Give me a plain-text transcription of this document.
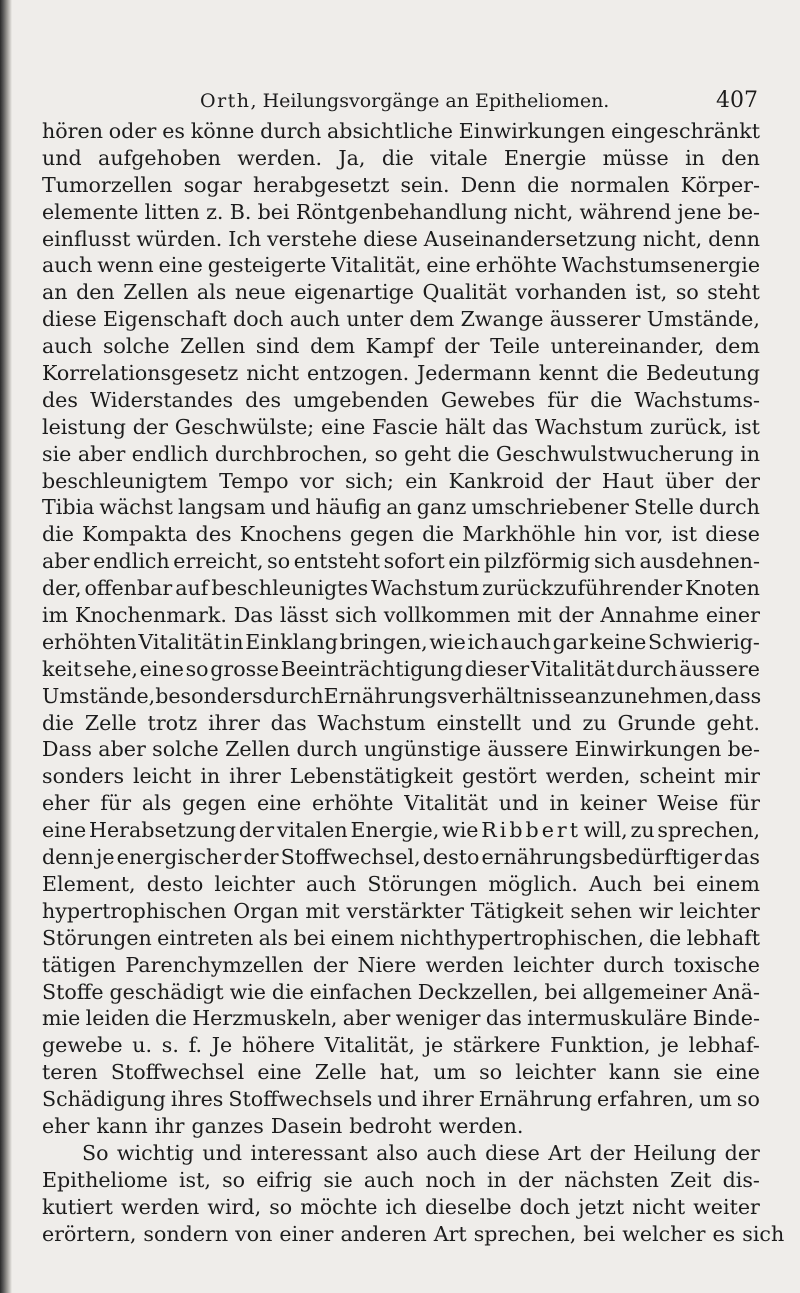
Orth, Heilungsvorgänge an Epitheliomen.	407
hören oder es könne durch absichtliche Einwirkungen eingeschränkt
und aufgehoben werden. Ja, die vitale Energie müsse in den
Tumorzellen sogar herabgesetzt sein. Denn die normalen Körper-
elemente litten z. B. bei Röntgenbehandlung nicht, während jene be-
einflusst würden. Ich verstehe diese Auseinandersetzung nicht, denn
auch wenn eine gesteigerte Vitalität, eine erhöhte Wachstumsenergie
an den Zellen als neue eigenartige Qualität vorhanden ist, so steht
diese Eigenschaft doch auch unter dem Zwange äusserer Umstände,
auch solche Zellen sind dem Kampf der Teile untereinander, dem
Korrelationsgesetz nicht entzogen. Jedermann kennt die Bedeutung
des Widerstandes des umgebenden Gewebes für die Wachstums-
leistung der Geschwülste; eine Fascie hält das Wachstum zurück, ist
sie aber endlich durchbrochen, so geht die Geschwulstwucherung in
beschleunigtem Tempo vor sich; ein Kankroid der Haut über der
Tibia wächst langsam und häufig an ganz umschriebener Stelle durch
die Kompakta des Knochens gegen die Markhöhle hin vor, ist diese
aber endlich erreicht, so entsteht sofort ein pilzförmig sich ausdehnen-
der, offenbar auf beschleunigtes Wachstum zurückzuführender Knoten
im Knochenmark. Das lässt sich vollkommen mit der Annahme einer
erhöhten Vitalität in Einklang bringen, wie ich auch gar keine Schwierig-
keit sehe, eine so grosse Beeinträchtigung dieser Vitalität durch äussere
Umstände, besonders durch Ernährungsverhältnisse anzunehmen, dass
die Zelle trotz ihrer das Wachstum einstellt und zu Grunde geht.
Dass aber solche Zellen durch ungünstige äussere Einwirkungen be-
sonders leicht in ihrer Lebenstätigkeit gestört werden, scheint mir
eher für als gegen eine erhöhte Vitalität und in keiner Weise für
eine Herabsetzung der vitalen Energie, wie Ribbert will, zu sprechen,
denn je energischer der Stoffwechsel, desto ernährungsbedürftiger das
Element, desto leichter auch Störungen möglich. Auch bei einem
hypertrophischen Organ mit verstärkter Tätigkeit sehen wir leichter
Störungen eintreten als bei einem nichthypertrophischen, die lebhaft
tätigen Parenchymzellen der Niere werden leichter durch toxische
Stoffe geschädigt wie die einfachen Deckzellen, bei allgemeiner Anä-
mie leiden die Herzmuskeln, aber weniger das intermuskuläre Binde-
gewebe u. s. f. Je höhere Vitalität, je stärkere Funktion, je lebhaf-
teren Stoffwechsel eine Zelle hat, um so leichter kann sie eine
Schädigung ihres Stoffwechsels und ihrer Ernährung erfahren, um so
eher kann ihr ganzes Dasein bedroht werden.
So wichtig und interessant also auch diese Art der Heilung der
Epitheliome ist, so eifrig sie auch noch in der nächsten Zeit dis-
kutiert werden wird, so möchte ich dieselbe doch jetzt nicht weiter
erörtern, sondern von einer anderen Art sprechen, bei welcher es sich
